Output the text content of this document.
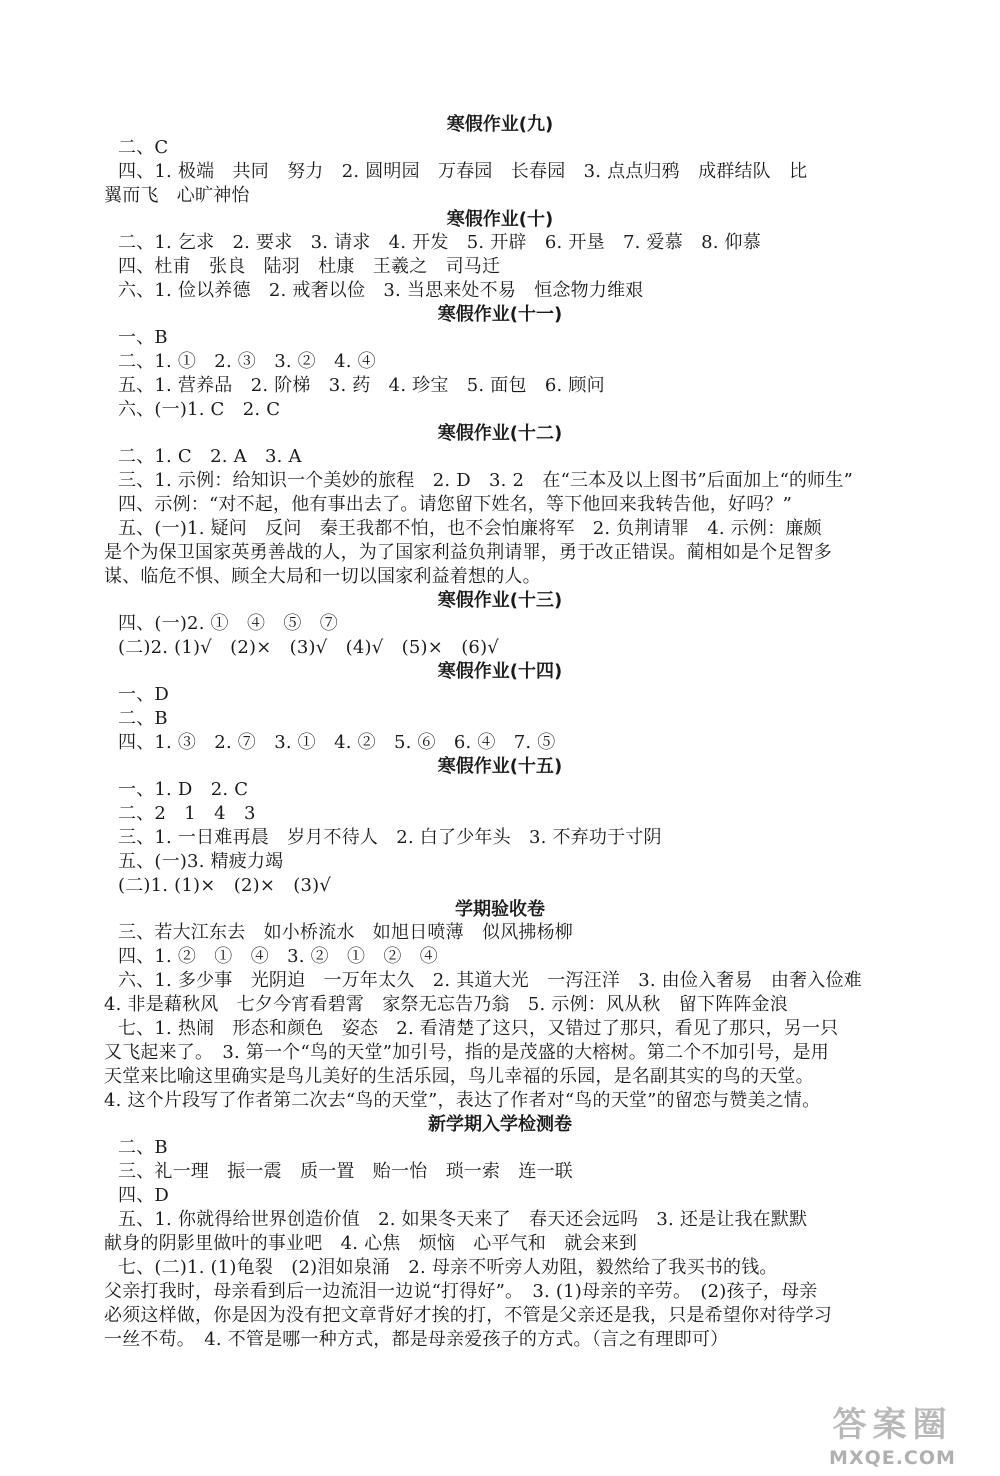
寒假作业(九)
二、C
四、1. 极端　共同　努力　2. 圆明园　万春园　长春园　3. 点点归鸦　成群结队　比
翼而飞　心旷神怡
寒假作业(十)
二、1. 乞求　2. 要求　3. 请求　4. 开发　5. 开辟　6. 开垦　7. 爱慕　8. 仰慕
四、杜甫　张良　陆羽　杜康　王羲之　司马迁
六、1. 俭以养德　2. 戒奢以俭　3. 当思来处不易　恒念物力维艰
寒假作业(十一)
一、B
二、1. ①　2. ③　3. ②　4. ④
五、1. 营养品　2. 阶梯　3. 药　4. 珍宝　5. 面包　6. 顾问
六、(一)1. C　2. C
寒假作业(十二)
二、1. C　2. A　3. A
三、1. 示例：给知识一个美妙的旅程　2. D　3. 2　在“三本及以上图书”后面加上“的师生”
四、示例：“对不起，他有事出去了。请您留下姓名，等下他回来我转告他，好吗？”
五、(一)1. 疑问　反问　秦王我都不怕，也不会怕廉将军　2. 负荆请罪　4. 示例：廉颇
是个为保卫国家英勇善战的人，为了国家利益负荆请罪，勇于改正错误。蔺相如是个足智多
谋、临危不惧、顾全大局和一切以国家利益着想的人。
寒假作业(十三)
四、(一)2. ①　④　⑤　⑦
(二)2. (1)√　(2)×　(3)√　(4)√　(5)×　(6)√
寒假作业(十四)
一、D
二、B
四、1. ③　2. ⑦　3. ①　4. ②　5. ⑥　6. ④　7. ⑤
寒假作业(十五)
一、1. D　2. C
二、2　1　4　3
三、1. 一日难再晨　岁月不待人　2. 白了少年头　3. 不弃功于寸阴
五、(一)3. 精疲力竭
(二)1. (1)×　(2)×　(3)√
学期验收卷
三、若大江东去　如小桥流水　如旭日喷薄　似风拂杨柳
四、1. ②　①　④　3. ②　①　②　④
六、1. 多少事　光阴迫　一万年太久　2. 其道大光　一泻汪洋　3. 由俭入奢易　由奢入俭难
4. 非是藉秋风　七夕今宵看碧霄　家祭无忘告乃翁　5. 示例：风从秋　留下阵阵金浪
七、1. 热闹　形态和颜色　姿态　2. 看清楚了这只，又错过了那只，看见了那只，另一只
又飞起来了。　3. 第一个“鸟的天堂”加引号，指的是茂盛的大榕树。第二个不加引号，是用
天堂来比喻这里确实是鸟儿美好的生活乐园，鸟儿幸福的乐园，是名副其实的鸟的天堂。
4. 这个片段写了作者第二次去“鸟的天堂”，表达了作者对“鸟的天堂”的留恋与赞美之情。
新学期入学检测卷
二、B
三、礼一理　振一震　质一置　贻一怡　琐一索　连一联
四、D
五、1. 你就得给世界创造价值　2. 如果冬天来了　春天还会远吗　3. 还是让我在默默
献身的阴影里做叶的事业吧　4. 心焦　烦恼　心平气和　就会来到
七、(二)1. (1)龟裂　(2)泪如泉涌　2. 母亲不听旁人劝阻，毅然给了我买书的钱。
父亲打我时，母亲看到后一边流泪一边说“打得好”。　3. (1)母亲的辛劳。　(2)孩子，母亲
必须这样做，你是因为没有把文章背好才挨的打，不管是父亲还是我，只是希望你对待学习
一丝不苟。　4. 不管是哪一种方式，都是母亲爱孩子的方式。（言之有理即可）
答案圈
MXQE.COM
